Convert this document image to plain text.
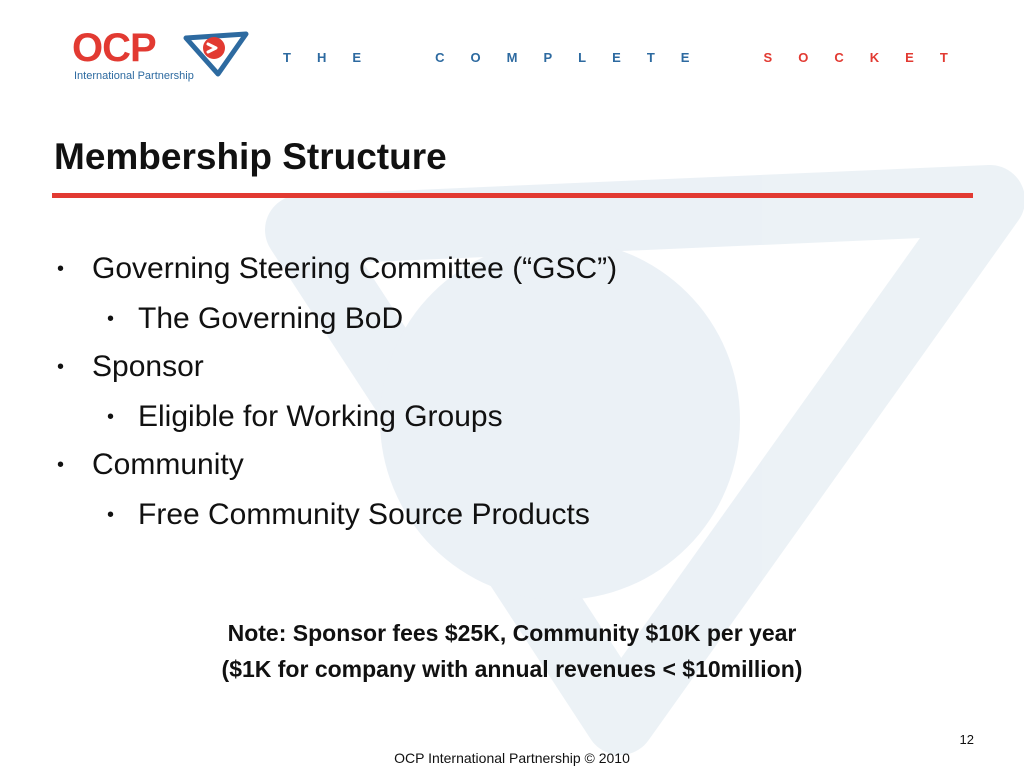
OCP
International Partnership
T H E	C O M P L E T E	S O C K E T
Membership Structure
• Governing Steering Committee (“GSC”)
• The Governing BoD
• Sponsor
• Eligible for Working Groups
• Community
• Free Community Source Products
Note: Sponsor fees $25K, Community $10K per year
($1K for company with annual revenues < $10million)
12
OCP International Partnership © 2010
